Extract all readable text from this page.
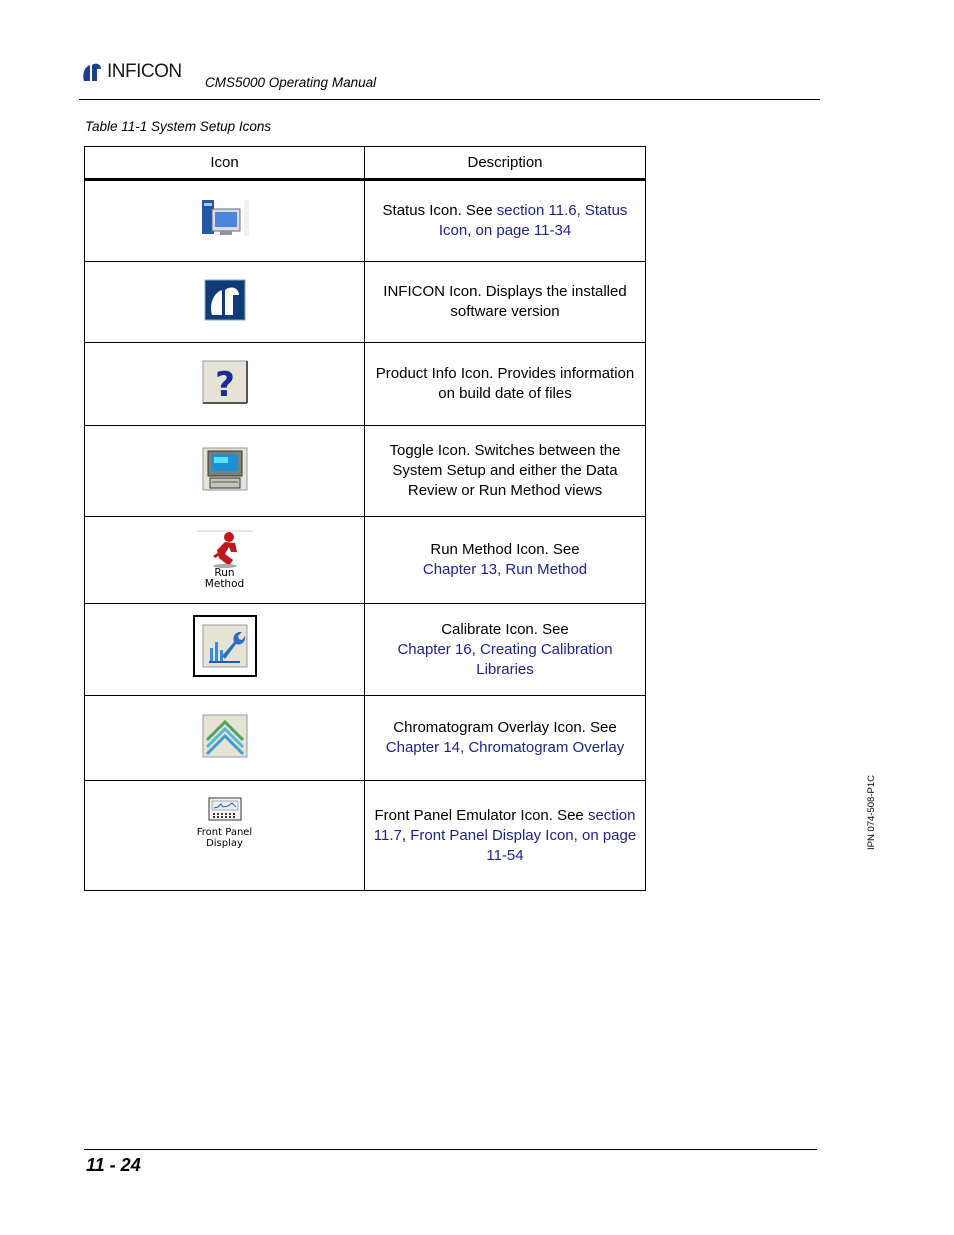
INFICON
CMS5000 Operating Manual
Table 11-1 System Setup Icons
Icon	Description
	Status Icon. See section 11.6, Status Icon, on page 11-34
	INFICON Icon. Displays the installed software version

?	Product Info Icon. Provides information on build date of files
	Toggle Icon. Switches between the System Setup and either the Data Review or Run Method views

Run Method	Run Method Icon. See
Chapter 13, Run Method

	Calibrate Icon. See
Chapter 16, Creating Calibration Libraries
	Chromatogram Overlay Icon. See
Chapter 14, Chromatogram Overlay

Front Panel
Display	Front Panel Emulator Icon. See section 11.7, Front Panel Display Icon, on page 11-54
IPN 074-508-P1C
11 - 24
